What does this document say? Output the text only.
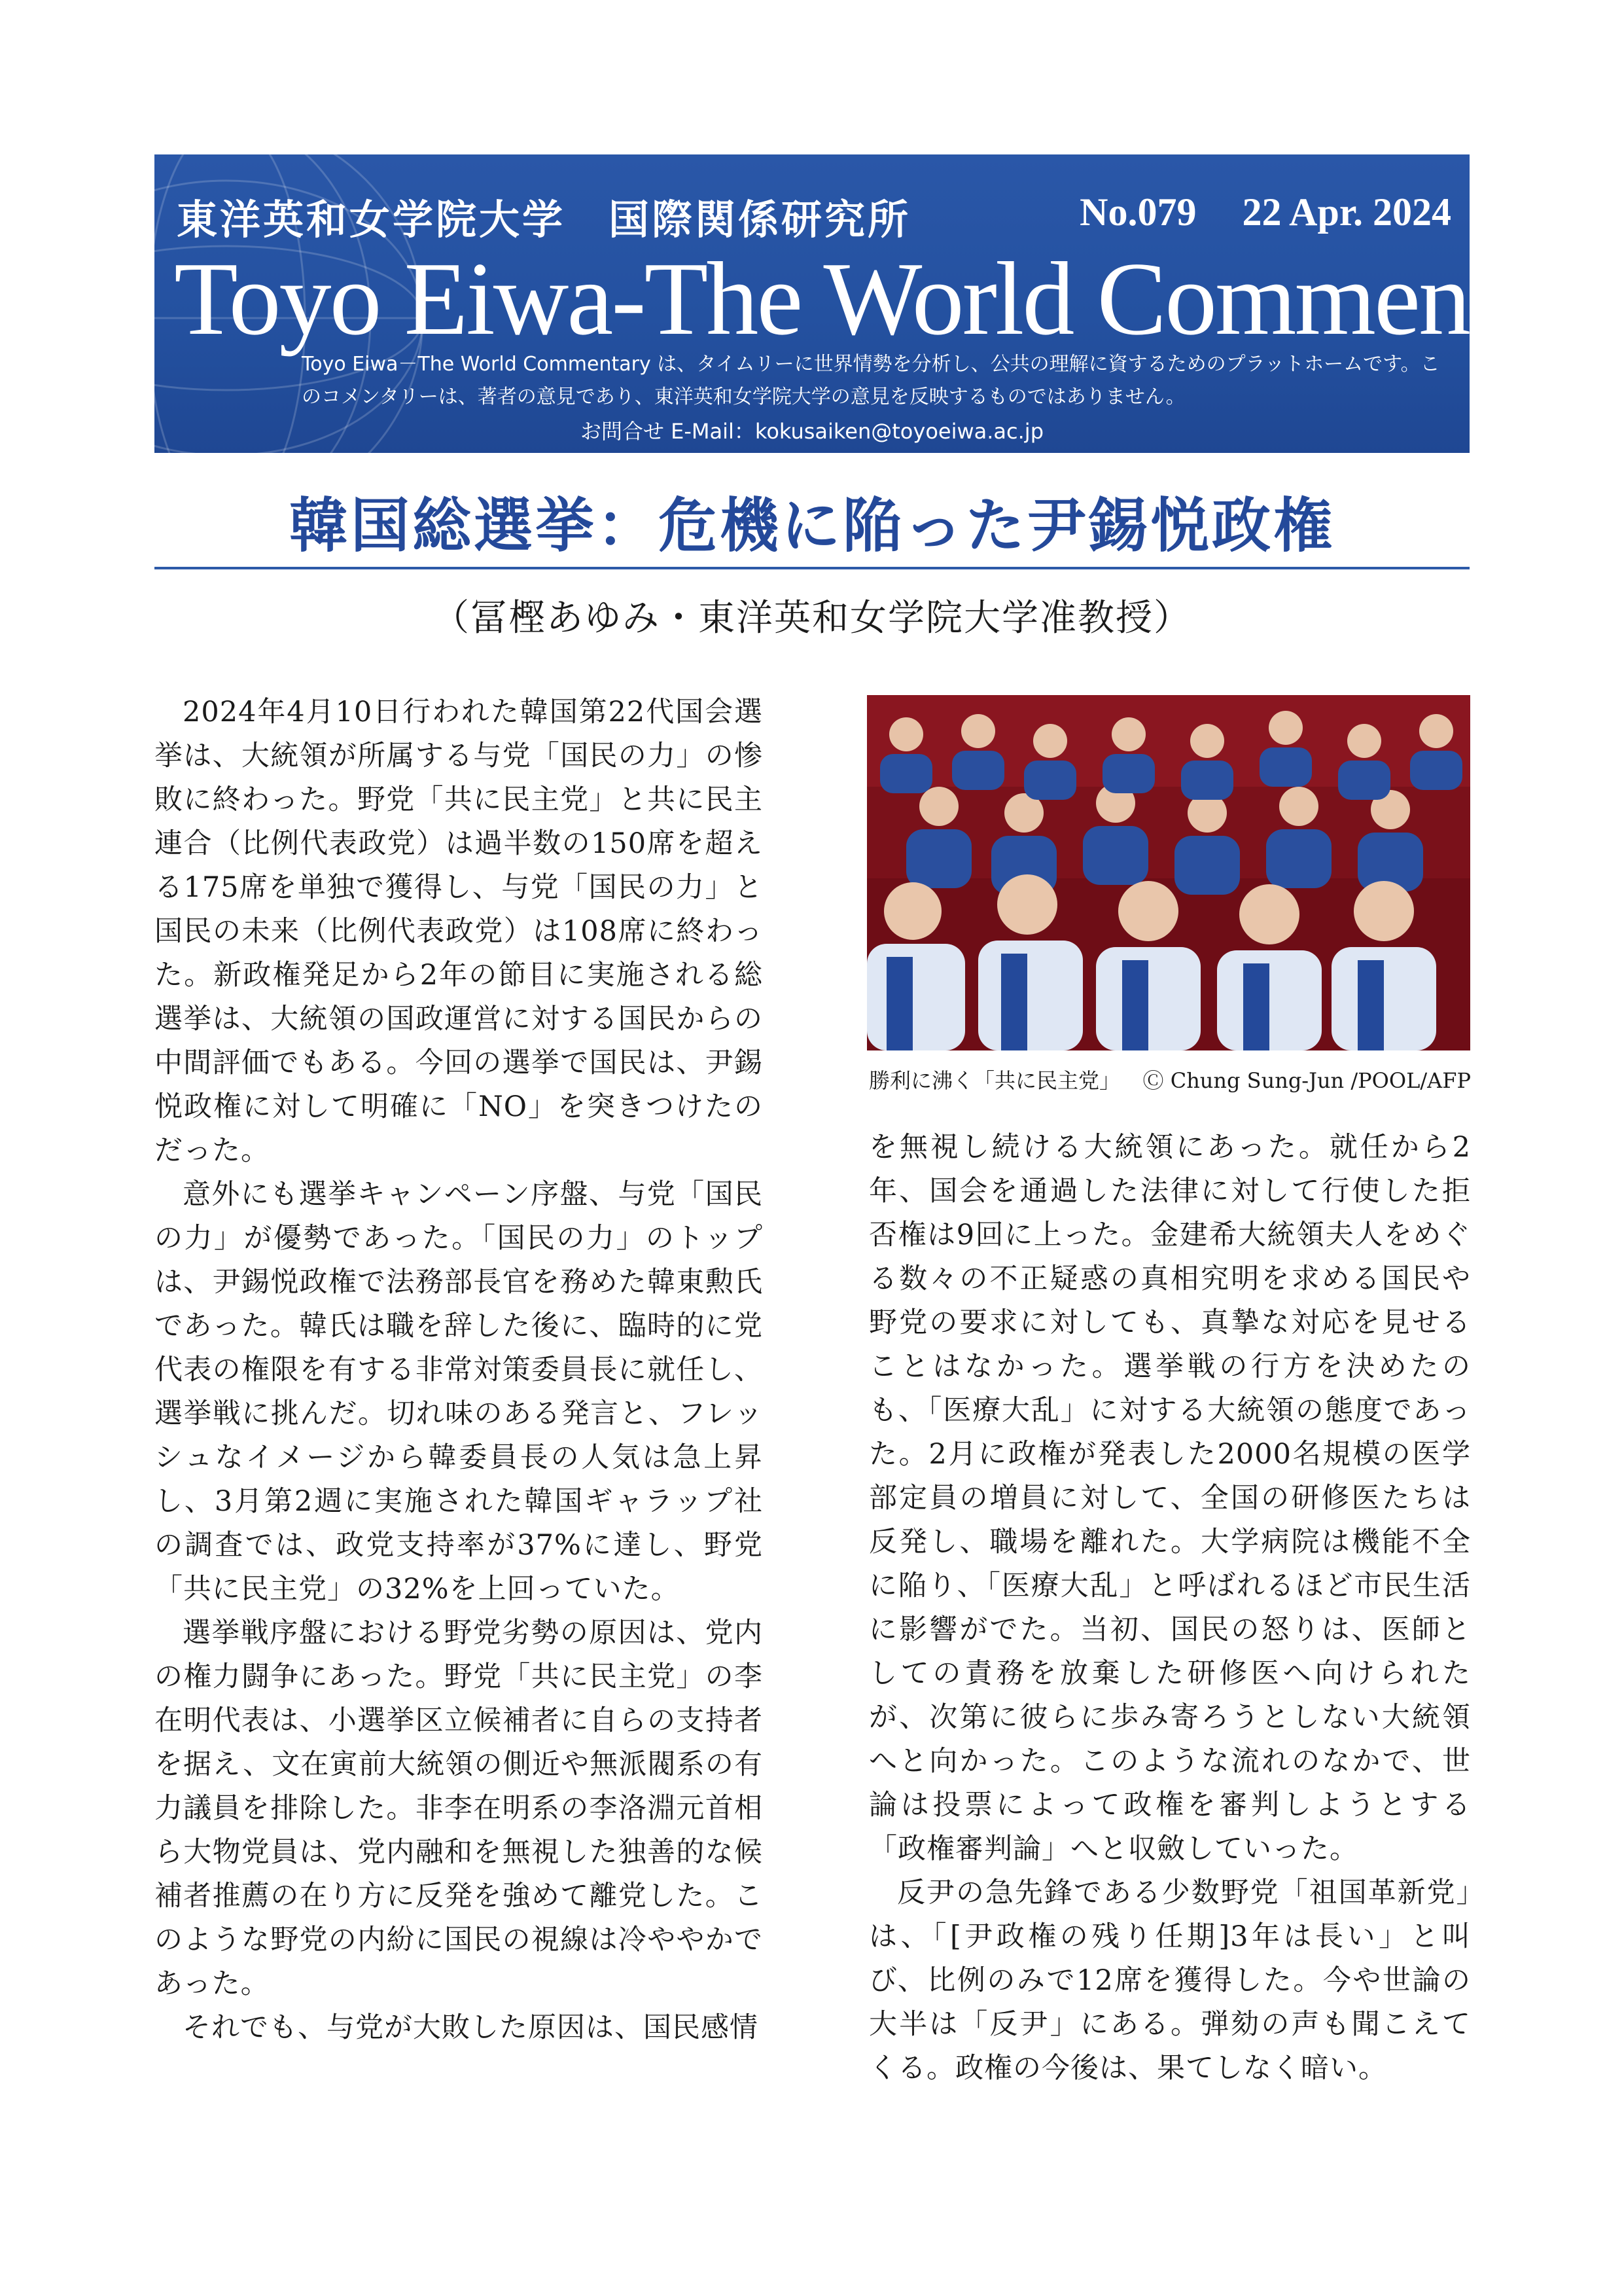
東洋英和女学院大学　国際関係研究所	No.079 22 Apr. 2024
Toyo Eiwa-The World Commentary
Toyo Eiwa－The World Commentary は、タイムリーに世界情勢を分析し、公共の理解に資するためのプラットホームです。このコメンタリーは、著者の意見であり、東洋英和女学院大学の意見を反映するものではありません。
お問合せ E-Mail：kokusaiken@toyoeiwa.ac.jp
韓国総選挙：危機に陥った尹錫悦政権
（冨樫あゆみ・東洋英和女学院大学准教授）

2024年4月10日行われた韓国第22代国会選挙は、大統領が所属する与党「国民の力」の惨敗に終わった。野党「共に民主党」と共に民主連合（比例代表政党）は過半数の150席を超える175席を単独で獲得し、与党「国民の力」と国民の未来（比例代表政党）は108席に終わった。新政権発足から2年の節目に実施される総選挙は、大統領の国政運営に対する国民からの中間評価でもある。今回の選挙で国民は、尹錫悦政権に対して明確に「NO」を突きつけたのだった。

意外にも選挙キャンペーン序盤、与党「国民の力」が優勢であった。「国民の力」のトップは、尹錫悦政権で法務部長官を務めた韓東勲氏であった。韓氏は職を辞した後に、臨時的に党代表の権限を有する非常対策委員長に就任し、選挙戦に挑んだ。切れ味のある発言と、フレッシュなイメージから韓委員長の人気は急上昇し、3月第2週に実施された韓国ギャラップ社の調査では、政党支持率が37%に達し、野党「共に民主党」の32%を上回っていた。

選挙戦序盤における野党劣勢の原因は、党内の権力闘争にあった。野党「共に民主党」の李在明代表は、小選挙区立候補者に自らの支持者を据え、文在寅前大統領の側近や無派閥系の有力議員を排除した。非李在明系の李洛淵元首相ら大物党員は、党内融和を無視した独善的な候補者推薦の在り方に反発を強めて離党した。このような野党の内紛に国民の視線は冷ややかであった。

それでも、与党が大敗した原因は、国民感情

勝利に沸く「共に民主党」 Ⓒ Chung Sung-Jun /POOL/AFP

を無視し続ける大統領にあった。就任から2年、国会を通過した法律に対して行使した拒否権は9回に上った。金建希大統領夫人をめぐる数々の不正疑惑の真相究明を求める国民や野党の要求に対しても、真摯な対応を見せることはなかった。選挙戦の行方を決めたのも、「医療大乱」に対する大統領の態度であった。2月に政権が発表した2000名規模の医学部定員の増員に対して、全国の研修医たちは反発し、職場を離れた。大学病院は機能不全に陥り、「医療大乱」と呼ばれるほど市民生活に影響がでた。当初、国民の怒りは、医師としての責務を放棄した研修医へ向けられたが、次第に彼らに歩み寄ろうとしない大統領へと向かった。このような流れのなかで、世論は投票によって政権を審判しようとする「政権審判論」へと収斂していった。

反尹の急先鋒である少数野党「祖国革新党」は、「[尹政権の残り任期]3年は長い」と叫び、比例のみで12席を獲得した。今や世論の大半は「反尹」にある。弾劾の声も聞こえてくる。政権の今後は、果てしなく暗い。
